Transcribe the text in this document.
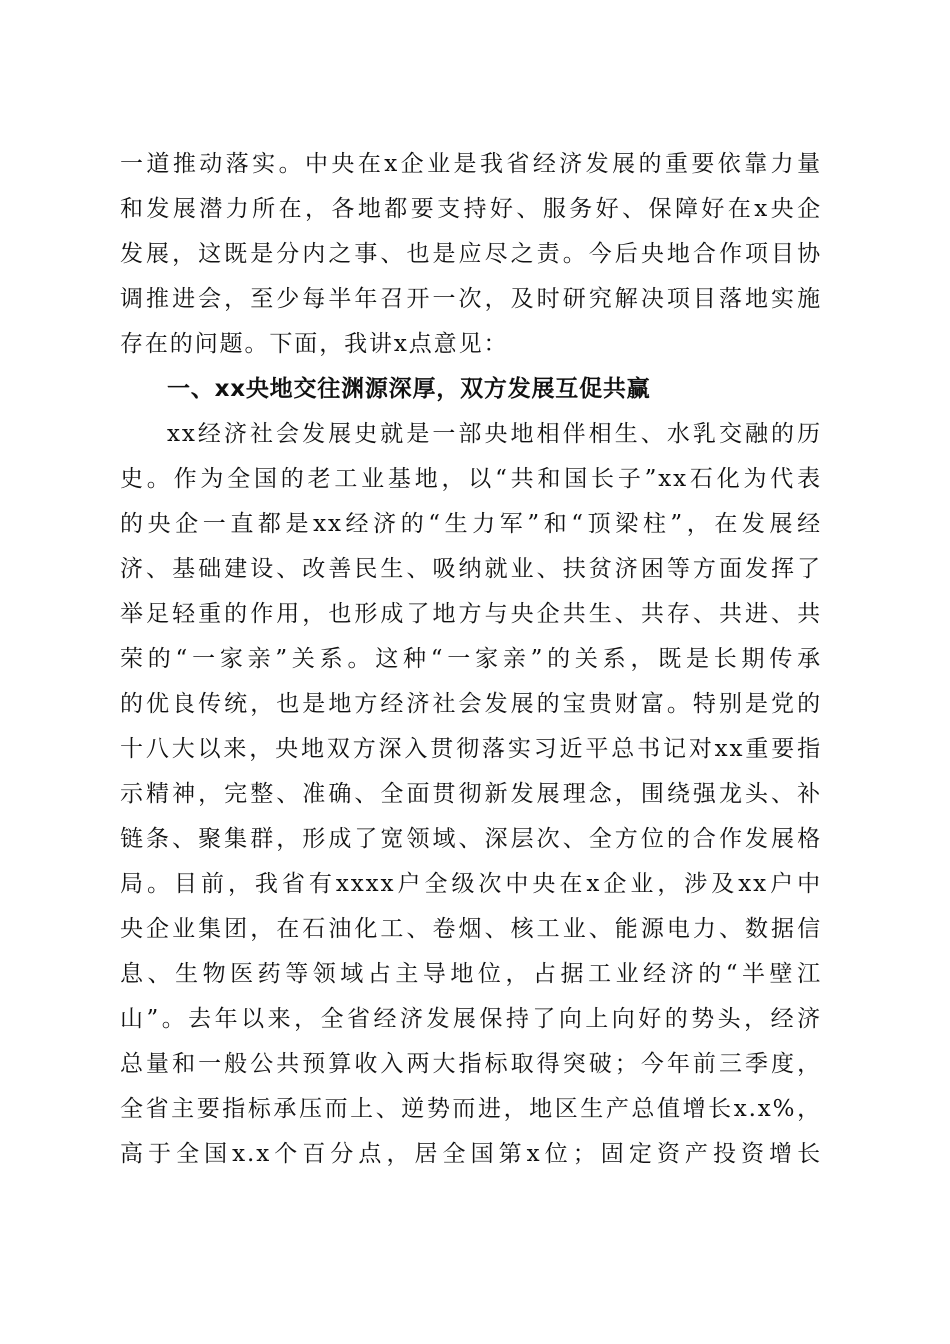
一道推动落实。中央在x企业是我省经济发展的重要依靠力量
和发展潜力所在，各地都要支持好、服务好、保障好在x央企
发展，这既是分内之事、也是应尽之责。今后央地合作项目协
调推进会，至少每半年召开一次，及时研究解决项目落地实施
存在的问题。下面，我讲x点意见：
一、xx央地交往渊源深厚，双方发展互促共赢
xx经济社会发展史就是一部央地相伴相生、水乳交融的历
史。作为全国的老工业基地，以“共和国长子”xx石化为代表
的央企一直都是xx经济的“生力军”和“顶梁柱”，在发展经
济、基础建设、改善民生、吸纳就业、扶贫济困等方面发挥了
举足轻重的作用，也形成了地方与央企共生、共存、共进、共
荣的“一家亲”关系。这种“一家亲”的关系，既是长期传承
的优良传统，也是地方经济社会发展的宝贵财富。特别是党的
十八大以来，央地双方深入贯彻落实习近平总书记对xx重要指
示精神，完整、准确、全面贯彻新发展理念，围绕强龙头、补
链条、聚集群，形成了宽领域、深层次、全方位的合作发展格
局。目前，我省有xxxx户全级次中央在x企业，涉及xx户中
央企业集团，在石油化工、卷烟、核工业、能源电力、数据信
息、生物医药等领域占主导地位，占据工业经济的“半壁江
山”。去年以来，全省经济发展保持了向上向好的势头，经济
总量和一般公共预算收入两大指标取得突破；今年前三季度，
全省主要指标承压而上、逆势而进，地区生产总值增长x.x%，
高于全国x.x个百分点，居全国第x位；固定资产投资增长
